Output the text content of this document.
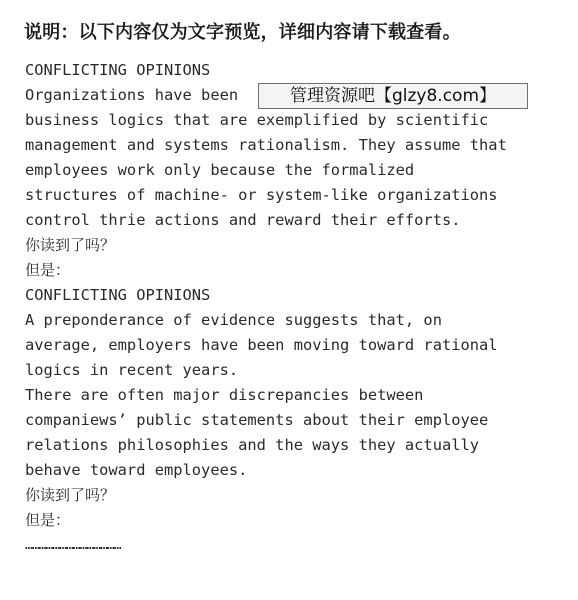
说明：以下内容仅为文字预览，详细内容请下载查看。
CONFLICTING OPINIONS
Organizations have been
business logics that are exemplified by scientific
management and systems rationalism. They assume that
employees work only because the formalized
structures of machine- or system-like organizations
control thrie actions and reward their efforts.
你读到了吗？
但是：
CONFLICTING OPINIONS
A preponderance of evidence suggests that, on
average, employers have been moving toward rational
logics in recent years.
There are often major discrepancies between
companiews’ public statements about their employee
relations philosophies and the ways they actually
behave toward employees.
你读到了吗？
但是：
……………………………………
管理资源吧【glzy8.com】
